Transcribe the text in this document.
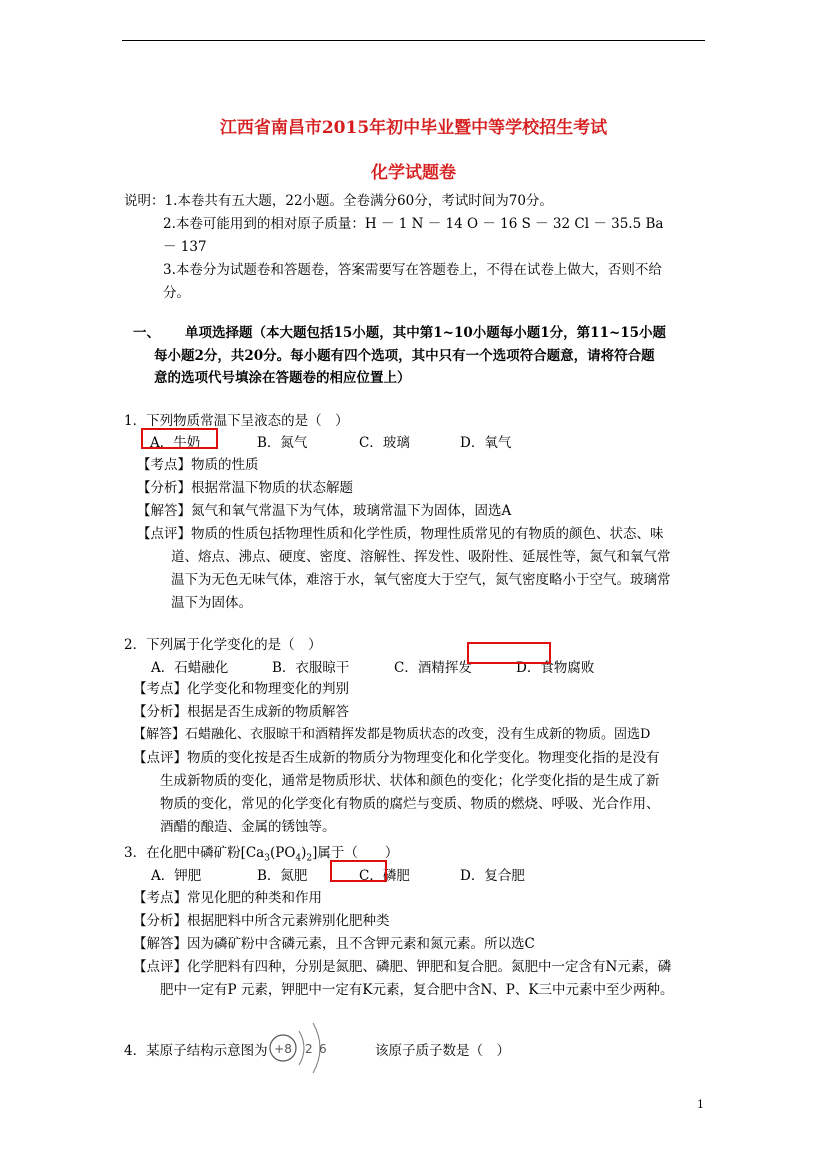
江西省南昌市2015年初中毕业暨中等学校招生考试
化学试题卷
说明：1.本卷共有五大题，22小题。全卷满分60分，考试时间为70分。
2.本卷可能用到的相对原子质量：H － 1 N － 14 O － 16 S － 32 Cl － 35.5 Ba
－ 137
3.本卷分为试题卷和答题卷，答案需要写在答题卷上，不得在试卷上做大，否则不给
分。
一、 单项选择题（本大题包括15小题，其中第1~10小题每小题1分，第11~15小题
每小题2分，共20分。每小题有四个选项，其中只有一个选项符合题意，请将符合题
意的选项代号填涂在答题卷的相应位置上）
1．下列物质常温下呈液态的是（　）
A．牛奶	B．氮气	C．玻璃	D．氧气
【考点】物质的性质
【分析】根据常温下物质的状态解题
【解答】氮气和氧气常温下为气体，玻璃常温下为固体，固选A
【点评】物质的性质包括物理性质和化学性质，物理性质常见的有物质的颜色、状态、味
道、熔点、沸点、硬度、密度、溶解性、挥发性、吸附性、延展性等，氮气和氧气常
温下为无色无味气体，难溶于水，氧气密度大于空气，氮气密度略小于空气。玻璃常
温下为固体。
2．下列属于化学变化的是（　）
A．石蜡融化	B．衣服晾干	C．酒精挥发	D．食物腐败
【考点】化学变化和物理变化的判别
【分析】根据是否生成新的物质解答
【解答】石蜡融化、衣服晾干和酒精挥发都是物质状态的改变，没有生成新的物质。固选D
【点评】物质的变化按是否生成新的物质分为物理变化和化学变化。物理变化指的是没有
生成新物质的变化，通常是物质形状、状体和颜色的变化；化学变化指的是生成了新
物质的变化，常见的化学变化有物质的腐烂与变质、物质的燃烧、呼吸、光合作用、
酒醋的酿造、金属的锈蚀等。
3．在化肥中磷矿粉$[Ca_3(PO_4)_2]$属于（　　）
A．钾肥	B．氮肥	C．磷肥	D．复合肥
【考点】常见化肥的种类和作用
【分析】根据肥料中所含元素辨别化肥种类
【解答】因为磷矿粉中含磷元素，且不含钾元素和氮元素。所以选C
【点评】化学肥料有四种，分别是氮肥、磷肥、钾肥和复合肥。氮肥中一定含有N元素，磷
肥中一定有P 元素，钾肥中一定有K元素，复合肥中含N、P、K三中元素中至少两种。
4．某原子结构示意图为 +8 2 6	该原子质子数是（　）
1
